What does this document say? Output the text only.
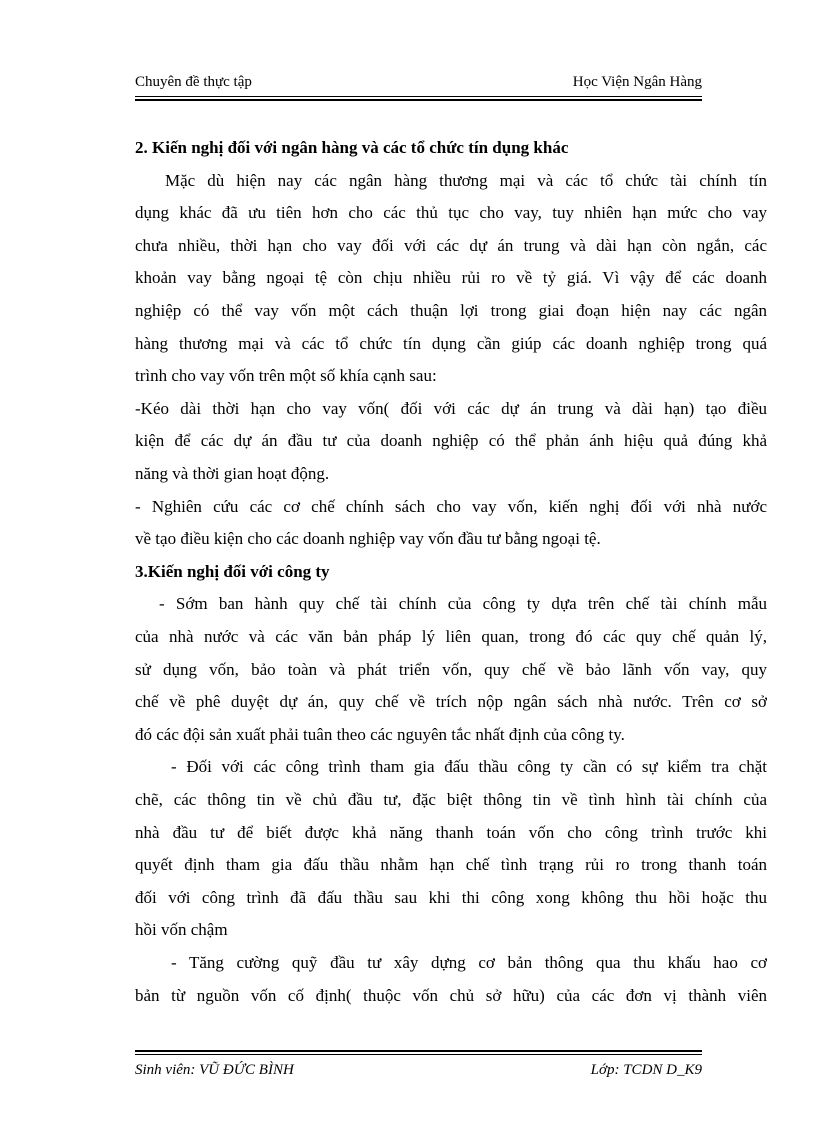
Chuyên đề thực tập	Học Viện Ngân Hàng
2. Kiến nghị đối với ngân hàng và các tổ chức tín dụng khác
Mặc dù hiện nay các ngân hàng thương mại và các tổ chức tài chính tín
dụng khác đã ưu tiên hơn cho các thủ tục cho vay, tuy nhiên hạn mức cho vay
chưa nhiều, thời hạn cho vay đối với các dự án trung và dài hạn còn ngắn, các
khoản vay bằng ngoại tệ còn chịu nhiều rủi ro về tỷ giá. Vì vậy để các doanh
nghiệp có thể vay vốn một cách thuận lợi trong giai đoạn hiện nay các ngân
hàng thương mại và các tổ chức tín dụng cần giúp các doanh nghiệp trong quá
trình cho vay vốn trên một số khía cạnh sau:
-Kéo dài thời hạn cho vay vốn( đối với các dự án trung và dài hạn) tạo điều
kiện để các dự án đầu tư của doanh nghiệp có thể phản ánh hiệu quả đúng khả
năng và thời gian hoạt động.
- Nghiên cứu các cơ chế chính sách cho vay vốn, kiến nghị đối với nhà nước
về tạo điều kiện cho các doanh nghiệp vay vốn đầu tư bằng ngoại tệ.
3.Kiến nghị đối với công ty
- Sớm ban hành quy chế tài chính của công ty dựa trên chế tài chính mẫu
của nhà nước và các văn bản pháp lý liên quan, trong đó các quy chế quản lý,
sử dụng vốn, bảo toàn và phát triển vốn, quy chế về bảo lãnh vốn vay, quy
chế về phê duyệt dự án, quy chế về trích nộp ngân sách nhà nước. Trên cơ sở
đó các đội sản xuất phải tuân theo các nguyên tắc nhất định của công ty.
- Đối với các công trình tham gia đấu thầu công ty cần có sự kiểm tra chặt
chẽ, các thông tin về chủ đầu tư, đặc biệt thông tin về tình hình tài chính của
nhà đầu tư để biết được khả năng thanh toán vốn cho công trình trước khi
quyết định tham gia đấu thầu nhằm hạn chế tình trạng rủi ro trong thanh toán
đối với công trình đã đấu thầu sau khi thi công xong không thu hồi hoặc thu
hồi vốn chậm
- Tăng cường quỹ đầu tư xây dựng cơ bản thông qua thu khấu hao cơ
bản từ nguồn vốn cố định( thuộc vốn chủ sở hữu) của các đơn vị thành viên
Sinh viên: VŨ ĐỨC BÌNH	Lớp: TCDN D_K9
